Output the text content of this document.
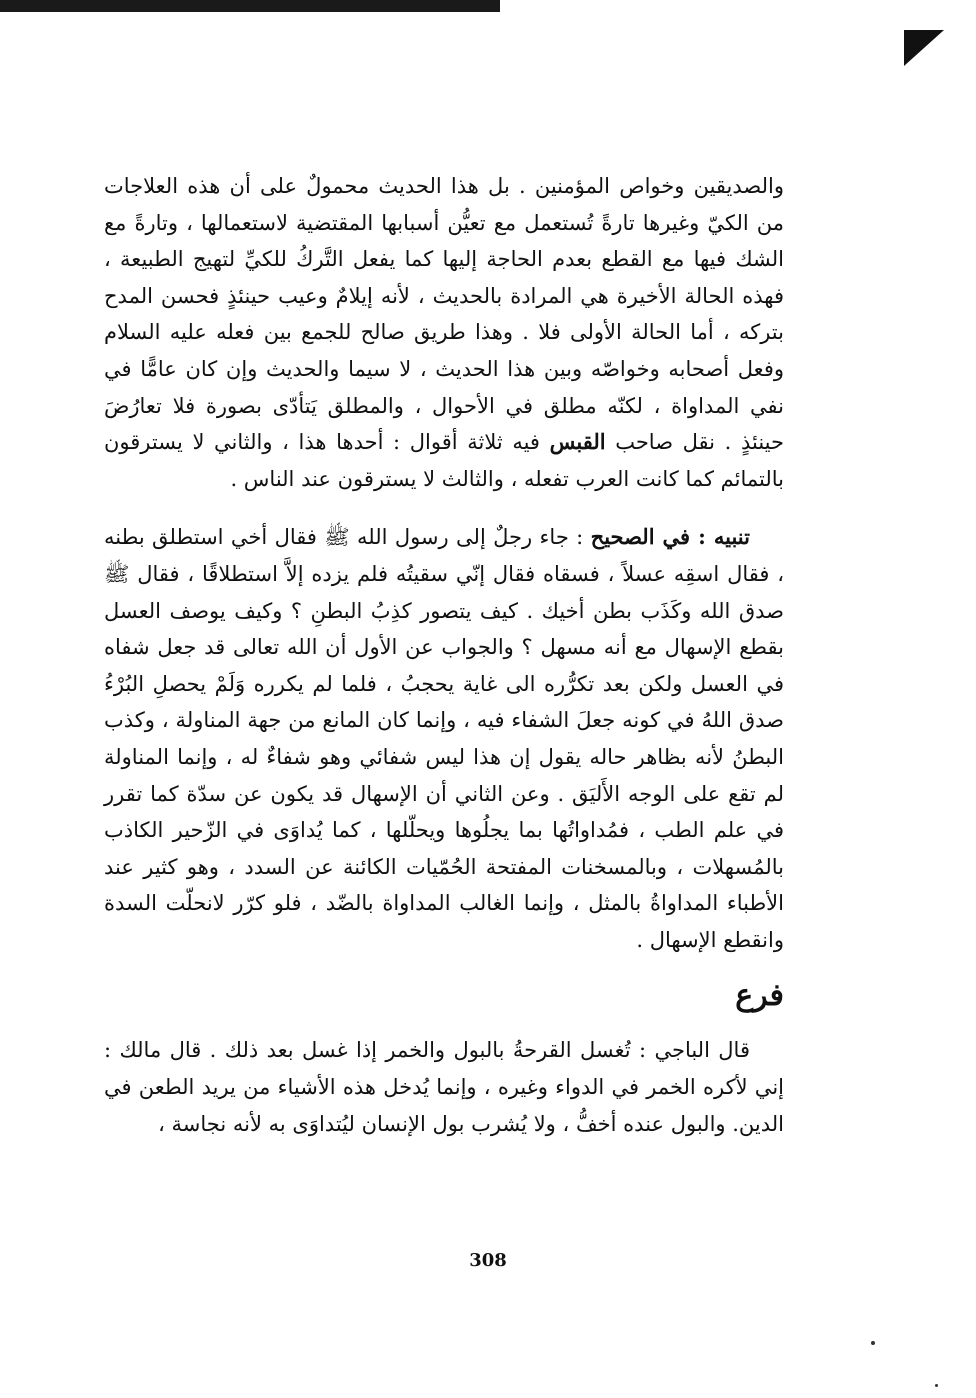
والصديقين وخواص المؤمنين . بل هذا الحديث محمولٌ على أن هذه العلاجات من الكيّ وغيرها تارةً تُستعمل مع تعيُّن أسبابها المقتضية لاستعمالها ، وتارةً مع الشك فيها مع القطع بعدم الحاجة إليها كما يفعل التَّركُ للكيِّ لتهيج الطبيعة ، فهذه الحالة الأخيرة هي المرادة بالحديث ، لأنه إيلامٌ وعيب حينئذٍ فحسن المدح بتركه ، أما الحالة الأولى فلا . وهذا طريق صالح للجمع بين فعله عليه السلام وفعل أصحابه وخواصّه وبين هذا الحديث ، لا سيما والحديث وإن كان عامًّا في نفي المداواة ، لكنّه مطلق في الأحوال ، والمطلق يَتأدّى بصورة فلا تعارُضَ حينئذٍ . نقل صاحب القبس فيه ثلاثة أقوال : أحدها هذا ، والثاني لا يسترقون بالتمائم كما كانت العرب تفعله ، والثالث لا يسترقون عند الناس .

تنبيه : في الصحيح : جاء رجلٌ إلى رسول الله ﷺ فقال أخي استطلق بطنه ، فقال اسقِه عسلاً ، فسقاه فقال إنّي سقيتُه فلم يزده إلاَّ استطلاقًا ، فقال ﷺ صدق الله وكَذَب بطن أخيك . كيف يتصور كذِبُ البطنِ ؟ وكيف يوصف العسل بقطع الإسهال مع أنه مسهل ؟ والجواب عن الأول أن الله تعالى قد جعل شفاه في العسل ولكن بعد تكرُّره الى غاية يحجبُ ، فلما لم يكرره وَلَمْ يحصلِ البُرْءُ صدق اللهُ في كونه جعلَ الشفاء فيه ، وإنما كان المانع من جهة المناولة ، وكذب البطنُ لأنه بظاهر حاله يقول إن هذا ليس شفائي وهو شفاءٌ له ، وإنما المناولة لم تقع على الوجه الأَليَق . وعن الثاني أن الإسهال قد يكون عن سدّة كما تقرر في علم الطب ، فمُداواتُها بما يجلُوها ويحلّلها ، كما يُداوَى في الزّحير الكاذب بالمُسهلات ، وبالمسخنات المفتحة الحُمّيات الكائنة عن السدد ، وهو كثير عند الأطباء المداواةُ بالمثل ، وإنما الغالب المداواة بالضّد ، فلو كرّر لانحلّت السدة وانقطع الإسهال .

فرع

قال الباجي : تُغسل القرحةُ بالبول والخمر إذا غسل بعد ذلك . قال مالك : إني لأكره الخمر في الدواء وغيره ، وإنما يُدخل هذه الأشياء من يريد الطعن في الدين. والبول عنده أخفُّ ، ولا يُشرب بول الإنسان ليُتداوَى به لأنه نجاسة ،

308
